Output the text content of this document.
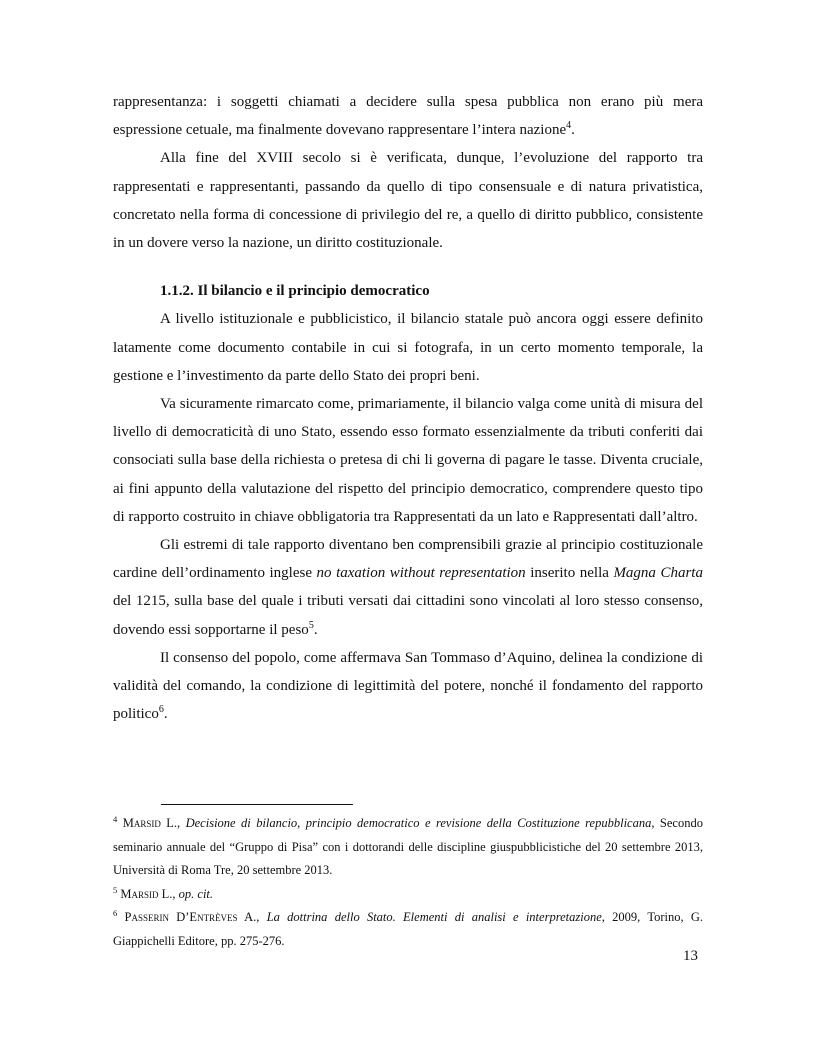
rappresentanza: i soggetti chiamati a decidere sulla spesa pubblica non erano più mera espressione cetuale, ma finalmente dovevano rappresentare l’intera nazione$^4$.

Alla fine del XVIII secolo si è verificata, dunque, l’evoluzione del rapporto tra rappresentati e rappresentanti, passando da quello di tipo consensuale e di natura privatistica, concretato nella forma di concessione di privilegio del re, a quello di diritto pubblico, consistente in un dovere verso la nazione, un diritto costituzionale.

1.1.2. Il bilancio e il principio democratico

A livello istituzionale e pubblicistico, il bilancio statale può ancora oggi essere definito latamente come documento contabile in cui si fotografa, in un certo momento temporale, la gestione e l’investimento da parte dello Stato dei propri beni.

Va sicuramente rimarcato come, primariamente, il bilancio valga come unità di misura del livello di democraticità di uno Stato, essendo esso formato essenzialmente da tributi conferiti dai consociati sulla base della richiesta o pretesa di chi li governa di pagare le tasse. Diventa cruciale, ai fini appunto della valutazione del rispetto del principio democratico, comprendere questo tipo di rapporto costruito in chiave obbligatoria tra Rappresentati da un lato e Rappresentati dall’altro.

Gli estremi di tale rapporto diventano ben comprensibili grazie al principio costituzionale cardine dell’ordinamento inglese no taxation without representation inserito nella Magna Charta del 1215, sulla base del quale i tributi versati dai cittadini sono vincolati al loro stesso consenso, dovendo essi sopportarne il peso$^5$.

Il consenso del popolo, come affermava San Tommaso d’Aquino, delinea la condizione di validità del comando, la condizione di legittimità del potere, nonché il fondamento del rapporto politico$^6$.

$^4$ Marsid L., Decisione di bilancio, principio democratico e revisione della Costituzione repubblicana, Secondo seminario annuale del “Gruppo di Pisa” con i dottorandi delle discipline giuspubblicistiche del 20 settembre 2013, Università di Roma Tre, 20 settembre 2013.

$^5$ Marsid L., op. cit.

$^6$ Passerin D’Entrèves A., La dottrina dello Stato. Elementi di analisi e interpretazione, 2009, Torino, G. Giappichelli Editore, pp. 275-276.

13
